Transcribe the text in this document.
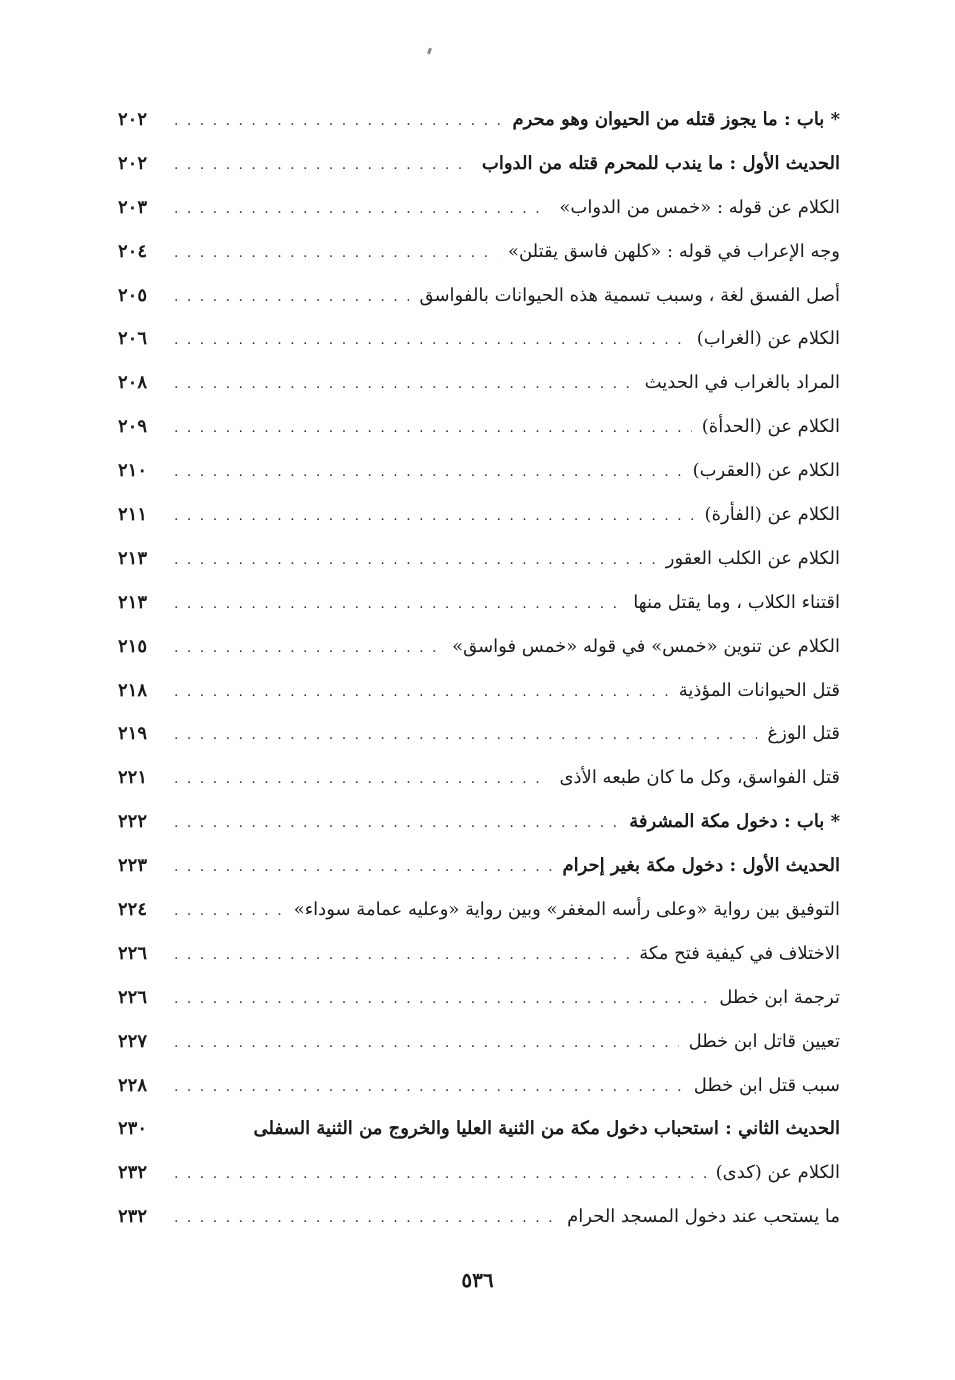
* باب : ما يجوز قتله من الحيوان وهو محرم
. . .
٢٠٢
الحديث الأول : ما يندب للمحرم قتله من الدواب
. . .
٢٠٢
الكلام عن قوله : «خمس من الدواب»
. . .
٢٠٣
وجه الإعراب في قوله : «كلهن فاسق يقتلن»
. . .
٢٠٤
أصل الفسق لغة ، وسبب تسمية هذه الحيوانات بالفواسق
. . .
٢٠٥
الكلام عن (الغراب)
. . .
٢٠٦
المراد بالغراب في الحديث
. . .
٢٠٨
الكلام عن (الحدأة)
. . .
٢٠٩
الكلام عن (العقرب)
. . .
٢١٠
الكلام عن (الفأرة)
. . .
٢١١
الكلام عن الكلب العقور
. . .
٢١٣
اقتناء الكلاب ، وما يقتل منها
. . .
٢١٣
الكلام عن تنوين «خمس» في قوله «خمس فواسق»
. . .
٢١٥
قتل الحيوانات المؤذية
. . .
٢١٨
قتل الوزغ
. . .
٢١٩
قتل الفواسق، وكل ما كان طبعه الأذى
. . .
٢٢١
* باب : دخول مكة المشرفة
. . .
٢٢٢
الحديث الأول : دخول مكة بغير إحرام
. . .
٢٢٣
التوفيق بين رواية «وعلى رأسه المغفر» وبين رواية «وعليه عمامة سوداء»
. . .
٢٢٤
الاختلاف في كيفية فتح مكة
. . .
٢٢٦
ترجمة ابن خطل
. . .
٢٢٦
تعيين قاتل ابن خطل
. . .
٢٢٧
سبب قتل ابن خطل
. . .
٢٢٨
الحديث الثاني : استحباب دخول مكة من الثنية العليا والخروج من الثنية السفلى
٢٣٠
الكلام عن (كدى)
. . .
٢٣٢
ما يستحب عند دخول المسجد الحرام
. . .
٢٣٢
٥٣٦
